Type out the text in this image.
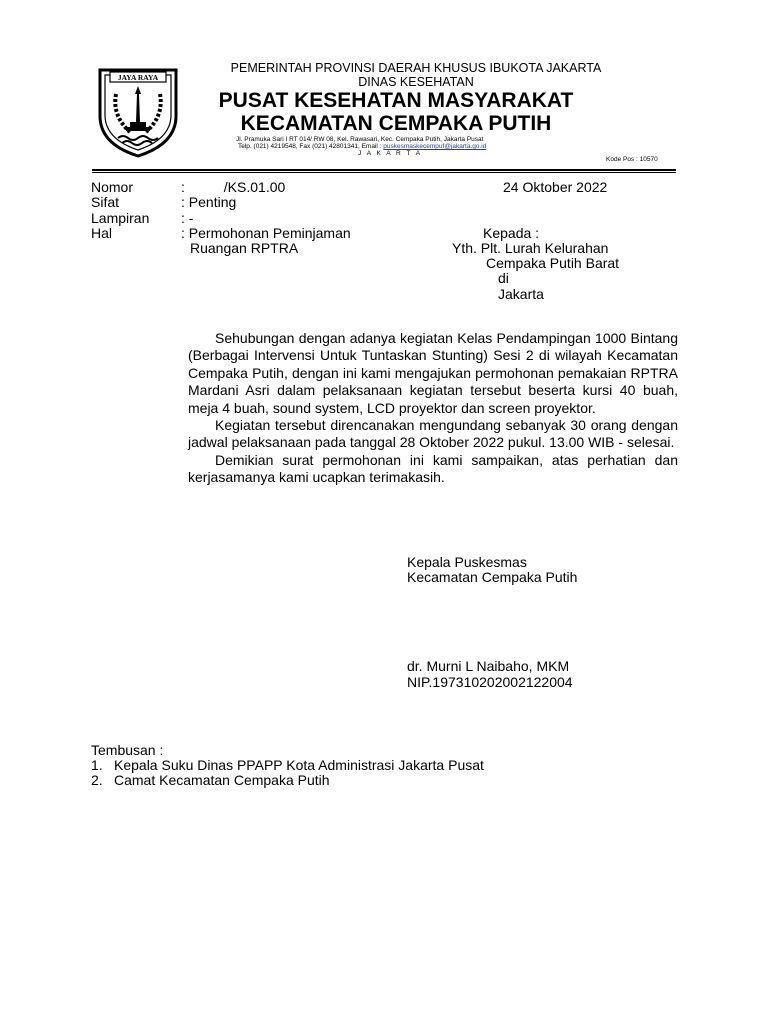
JAYA RAYA
PEMERINTAH PROVINSI DAERAH KHUSUS IBUKOTA JAKARTA
DINAS KESEHATAN
PUSAT KESEHATAN MASYARAKAT
KECAMATAN CEMPAKA PUTIH
Jl. Pramuka Sari I RT 014/ RW 08, Kel. Rawasari, Kec. Cempaka Putih, Jakarta Pusat
Telp. (021) 4219548, Fax (021) 42801341, Email : puskesmaskecempuf@jakarta.go.id
J A K A R T A
Kode Pos : 10570
Nomor	:          /KS.01.00	24 Oktober 2022
Sifat	: Penting
Lampiran : -
Hal	: Permohonan Peminjaman
Ruangan RPTRA
Kepada :
Yth. Plt. Lurah Kelurahan
Cempaka Putih Barat
di
Jakarta

Sehubungan dengan adanya kegiatan Kelas Pendampingan 1000 Bintang (Berbagai Intervensi Untuk Tuntaskan Stunting) Sesi 2 di wilayah Kecamatan Cempaka Putih, dengan ini kami mengajukan permohonan pemakaian RPTRA Mardani Asri dalam pelaksanaan kegiatan tersebut beserta kursi 40 buah, meja 4 buah, sound system, LCD proyektor dan screen proyektor.

Kegiatan tersebut direncanakan mengundang sebanyak 30 orang dengan jadwal pelaksanaan pada tanggal 28 Oktober 2022 pukul. 13.00 WIB - selesai.

Demikian surat permohonan ini kami sampaikan, atas perhatian dan kerjasamanya kami ucapkan terimakasih.

Kepala Puskesmas
Kecamatan Cempaka Putih
dr. Murni L Naibaho, MKM
NIP.197310202002122004
Tembusan :
1. Kepala Suku Dinas PPAPP Kota Administrasi Jakarta Pusat
2. Camat Kecamatan Cempaka Putih
